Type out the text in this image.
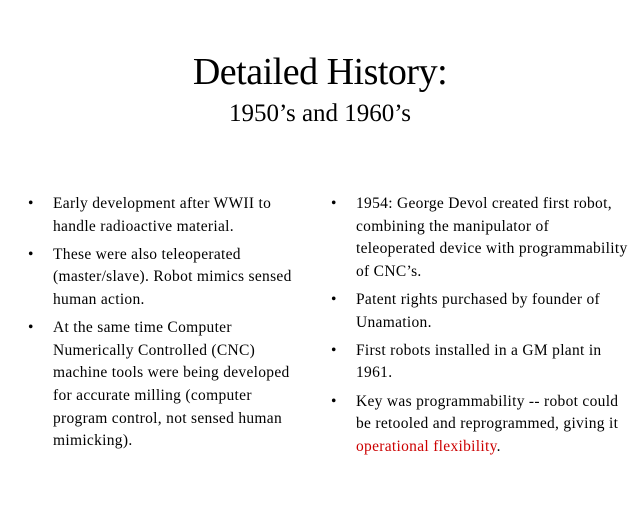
Detailed History:
1950’s and 1960’s
• Early development after WWII to handle radioactive material.
• These were also teleoperated (master/slave). Robot mimics sensed human action.
• At the same time Computer Numerically Controlled (CNC) machine tools were being developed for accurate milling (computer program control, not sensed human mimicking).
• 1954: George Devol created first robot, combining the manipulator of teleoperated device with programmability of CNC’s.
• Patent rights purchased by founder of Unamation.
• First robots installed in a GM plant in 1961.
• Key was programmability -- robot could be retooled and reprogrammed, giving it operational flexibility.
